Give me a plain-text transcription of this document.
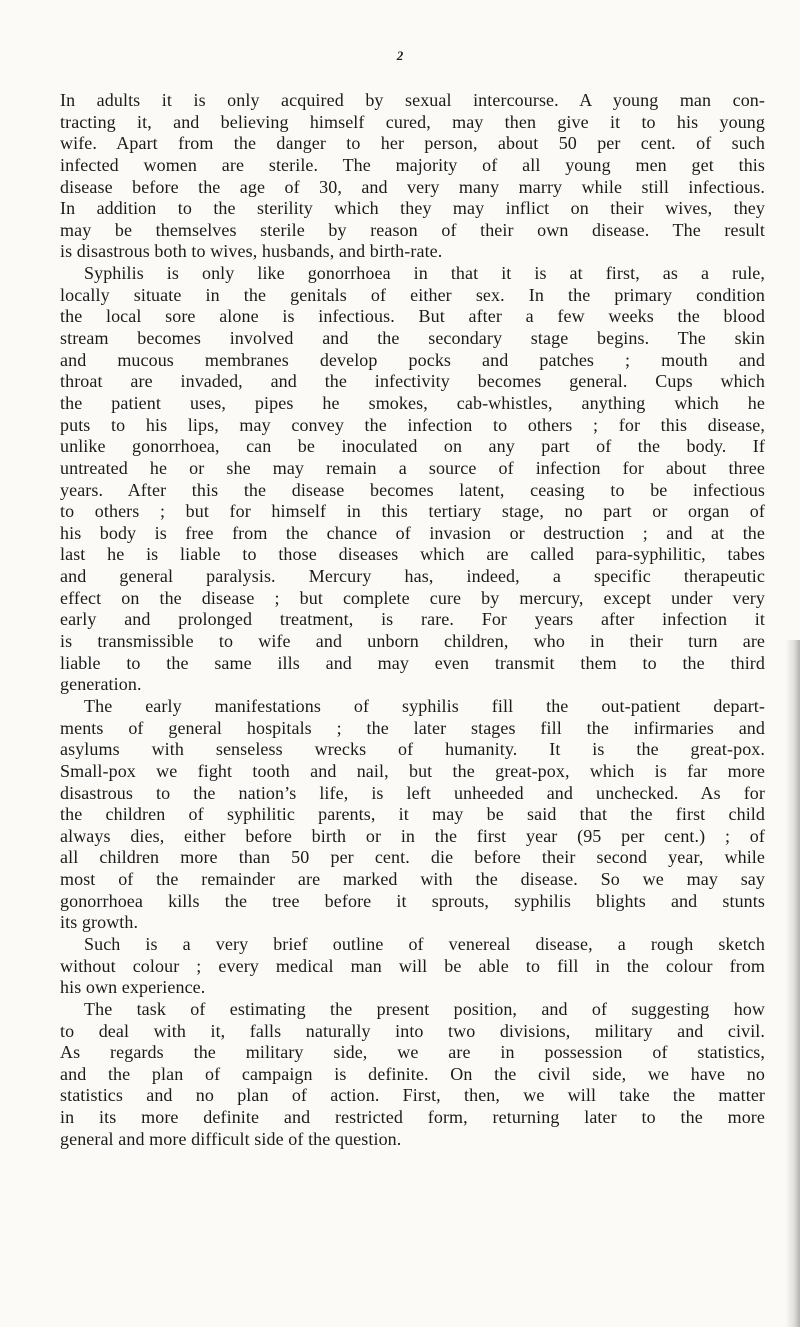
2
In adults it is only acquired by sexual intercourse. A young man con-
tracting it, and believing himself cured, may then give it to his young
wife. Apart from the danger to her person, about 50 per cent. of such
infected women are sterile. The majority of all young men get this
disease before the age of 30, and very many marry while still infectious.
In addition to the sterility which they may inflict on their wives, they
may be themselves sterile by reason of their own disease. The result
is disastrous both to wives, husbands, and birth-rate.
Syphilis is only like gonorrhoea in that it is at first, as a rule,
locally situate in the genitals of either sex. In the primary condition
the local sore alone is infectious. But after a few weeks the blood
stream becomes involved and the secondary stage begins. The skin
and mucous membranes develop pocks and patches ; mouth and
throat are invaded, and the infectivity becomes general. Cups which
the patient uses, pipes he smokes, cab-whistles, anything which he
puts to his lips, may convey the infection to others ; for this disease,
unlike gonorrhoea, can be inoculated on any part of the body. If
untreated he or she may remain a source of infection for about three
years. After this the disease becomes latent, ceasing to be infectious
to others ; but for himself in this tertiary stage, no part or organ of
his body is free from the chance of invasion or destruction ; and at the
last he is liable to those diseases which are called para-syphilitic, tabes
and general paralysis. Mercury has, indeed, a specific therapeutic
effect on the disease ; but complete cure by mercury, except under very
early and prolonged treatment, is rare. For years after infection it
is transmissible to wife and unborn children, who in their turn are
liable to the same ills and may even transmit them to the third
generation.
The early manifestations of syphilis fill the out-patient depart-
ments of general hospitals ; the later stages fill the infirmaries and
asylums with senseless wrecks of humanity. It is the great-pox.
Small-pox we fight tooth and nail, but the great-pox, which is far more
disastrous to the nation’s life, is left unheeded and unchecked. As for
the children of syphilitic parents, it may be said that the first child
always dies, either before birth or in the first year (95 per cent.) ; of
all children more than 50 per cent. die before their second year, while
most of the remainder are marked with the disease. So we may say
gonorrhoea kills the tree before it sprouts, syphilis blights and stunts
its growth.
Such is a very brief outline of venereal disease, a rough sketch
without colour ; every medical man will be able to fill in the colour from
his own experience.
The task of estimating the present position, and of suggesting how
to deal with it, falls naturally into two divisions, military and civil.
As regards the military side, we are in possession of statistics,
and the plan of campaign is definite. On the civil side, we have no
statistics and no plan of action. First, then, we will take the matter
in its more definite and restricted form, returning later to the more
general and more difficult side of the question.
